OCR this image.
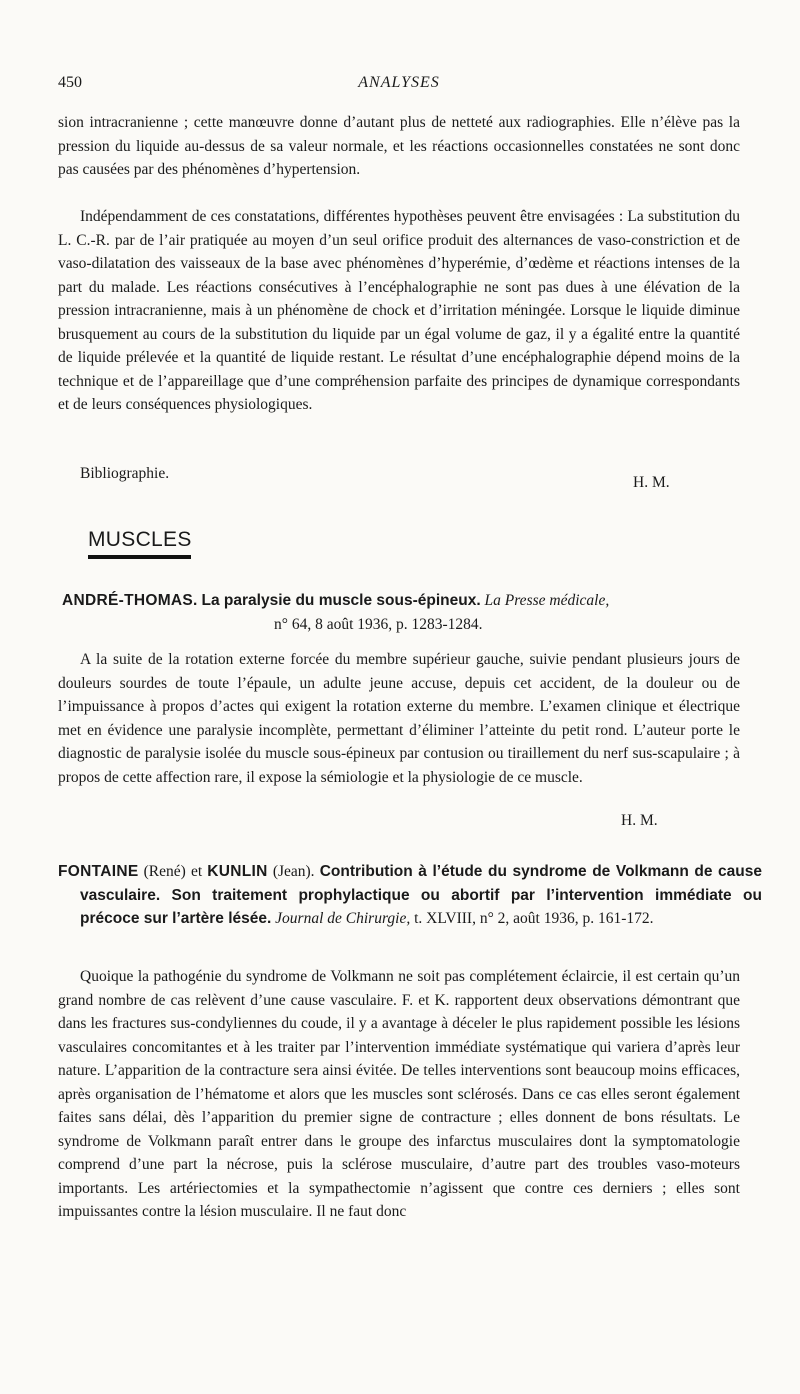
450	ANALYSES

sion intracranienne ; cette manœuvre donne d’autant plus de netteté aux radiographies. Elle n’élève pas la pression du liquide au-dessus de sa valeur normale, et les réactions occasionnelles constatées ne sont donc pas causées par des phénomènes d’hypertension.

Indépendamment de ces constatations, différentes hypothèses peuvent être envisagées : La substitution du L. C.-R. par de l’air pratiquée au moyen d’un seul orifice produit des alternances de vaso-constriction et de vaso-dilatation des vaisseaux de la base avec phénomènes d’hyperémie, d’œdème et réactions intenses de la part du malade. Les réactions consécutives à l’encéphalographie ne sont pas dues à une élévation de la pression intracranienne, mais à un phénomène de chock et d’irritation méningée. Lorsque le liquide diminue brusquement au cours de la substitution du liquide par un égal volume de gaz, il y a égalité entre la quantité de liquide prélevée et la quantité de liquide restant. Le résultat d’une encéphalographie dépend moins de la technique et de l’appareillage que d’une compréhension parfaite des principes de dynamique correspondants et de leurs conséquences physiologiques.

Bibliographie.

H. M.
MUSCLES

ANDRÉ-THOMAS. La paralysie du muscle sous-épineux. La Presse médicale,
n° 64, 8 août 1936, p. 1283-1284.

A la suite de la rotation externe forcée du membre supérieur gauche, suivie pendant plusieurs jours de douleurs sourdes de toute l’épaule, un adulte jeune accuse, depuis cet accident, de la douleur ou de l’impuissance à propos d’actes qui exigent la rotation externe du membre. L’examen clinique et électrique met en évidence une paralysie incomplète, permettant d’éliminer l’atteinte du petit rond. L’auteur porte le diagnostic de paralysie isolée du muscle sous-épineux par contusion ou tiraillement du nerf sus-scapulaire ; à propos de cette affection rare, il expose la sémiologie et la physiologie de ce muscle.

H. M.

FONTAINE (René) et KUNLIN (Jean). Contribution à l’étude du syndrome de Volkmann de cause vasculaire. Son traitement prophylactique ou abortif par l’intervention immédiate ou précoce sur l’artère lésée. Journal de Chirurgie, t. XLVIII, n° 2, août 1936, p. 161-172.

Quoique la pathogénie du syndrome de Volkmann ne soit pas complétement éclaircie, il est certain qu’un grand nombre de cas relèvent d’une cause vasculaire. F. et K. rapportent deux observations démontrant que dans les fractures sus-condyliennes du coude, il y a avantage à déceler le plus rapidement possible les lésions vasculaires concomitantes et à les traiter par l’intervention immédiate systématique qui variera d’après leur nature. L’apparition de la contracture sera ainsi évitée. De telles interventions sont beaucoup moins efficaces, après organisation de l’hématome et alors que les muscles sont sclérosés. Dans ce cas elles seront également faites sans délai, dès l’apparition du premier signe de contracture ; elles donnent de bons résultats. Le syndrome de Volkmann paraît entrer dans le groupe des infarctus musculaires dont la symptomatologie comprend d’une part la nécrose, puis la sclérose musculaire, d’autre part des troubles vaso-moteurs importants. Les artériectomies et la sympathectomie n’agissent que contre ces derniers ; elles sont impuissantes contre la lésion musculaire. Il ne faut donc
